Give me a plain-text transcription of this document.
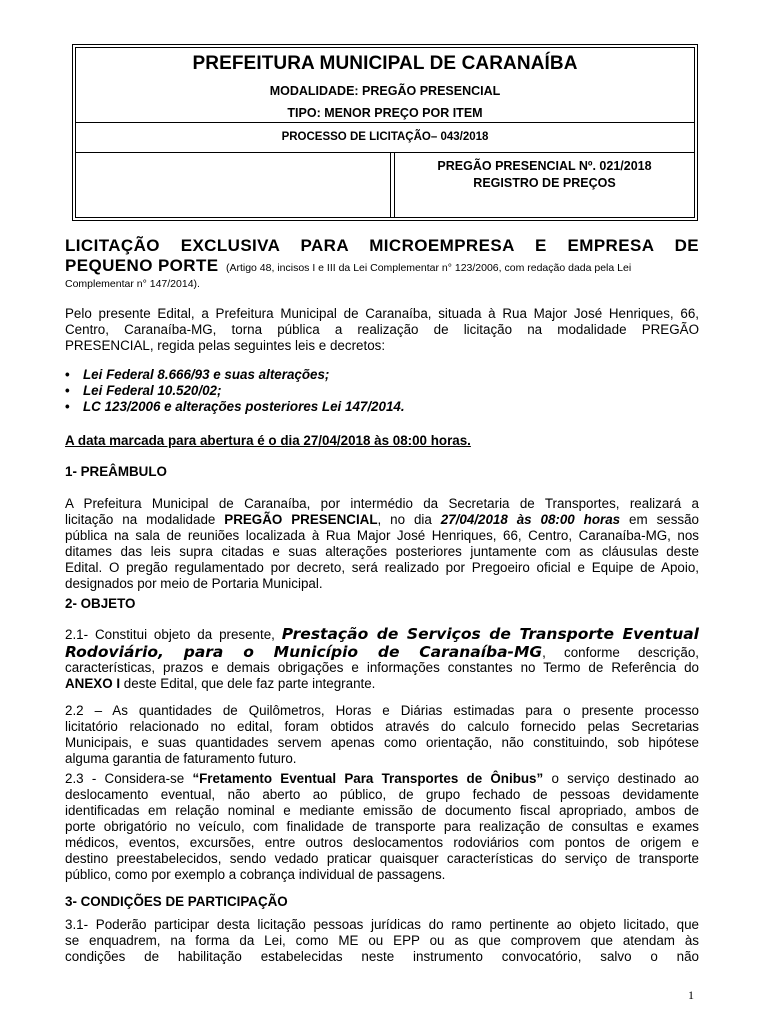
PREFEITURA MUNICIPAL DE CARANAÍBA
MODALIDADE: PREGÃO PRESENCIAL
TIPO: MENOR PREÇO POR ITEM
PROCESSO DE LICITAÇÃO– 043/2018
PREGÃO PRESENCIAL Nº. 021/2018
REGISTRO DE PREÇOS
LICITAÇÃO EXCLUSIVA PARA MICROEMPRESA E EMPRESA DE
PEQUENO PORTE (Artigo 48, incisos I e III da Lei Complementar n° 123/2006, com redação dada pela Lei
Complementar n° 147/2014).
Pelo presente Edital, a Prefeitura Municipal de Caranaíba, situada à Rua Major José Henriques, 66,
Centro, Caranaíba-MG, torna pública a realização de licitação na modalidade PREGÃO
PRESENCIAL, regida pelas seguintes leis e decretos:
• Lei Federal 8.666/93 e suas alterações;
• Lei Federal 10.520/02;
• LC 123/2006 e alterações posteriores Lei 147/2014.
A data marcada para abertura é o dia 27/04/2018 às 08:00 horas.
1- PREÂMBULO
A Prefeitura Municipal de Caranaíba, por intermédio da Secretaria de Transportes, realizará a
licitação na modalidade PREGÃO PRESENCIAL, no dia 27/04/2018 às 08:00 horas em sessão
pública na sala de reuniões localizada à Rua Major José Henriques, 66, Centro, Caranaíba-MG, nos
ditames das leis supra citadas e suas alterações posteriores juntamente com as cláusulas deste
Edital. O pregão regulamentado por decreto, será realizado por Pregoeiro oficial e Equipe de Apoio,
designados por meio de Portaria Municipal.
2- OBJETO
2.1- Constitui objeto da presente, Prestação de Serviços de Transporte Eventual
Rodoviário, para o Município de Caranaíba-MG, conforme descrição,
características, prazos e demais obrigações e informações constantes no Termo de Referência do
ANEXO I deste Edital, que dele faz parte integrante.
2.2 – As quantidades de Quilômetros, Horas e Diárias estimadas para o presente processo
licitatório relacionado no edital, foram obtidos através do calculo fornecido pelas Secretarias
Municipais, e suas quantidades servem apenas como orientação, não constituindo, sob hipótese
alguma garantia de faturamento futuro.
2.3 - Considera-se “Fretamento Eventual Para Transportes de Ônibus” o serviço destinado ao
deslocamento eventual, não aberto ao público, de grupo fechado de pessoas devidamente
identificadas em relação nominal e mediante emissão de documento fiscal apropriado, ambos de
porte obrigatório no veículo, com finalidade de transporte para realização de consultas e exames
médicos, eventos, excursões, entre outros deslocamentos rodoviários com pontos de origem e
destino preestabelecidos, sendo vedado praticar quaisquer características do serviço de transporte
público, como por exemplo a cobrança individual de passagens.
3- CONDIÇÕES DE PARTICIPAÇÃO
3.1- Poderão participar desta licitação pessoas jurídicas do ramo pertinente ao objeto licitado, que
se enquadrem, na forma da Lei, como ME ou EPP ou as que comprovem que atendam às
condições de habilitação estabelecidas neste instrumento convocatório, salvo o não
1
